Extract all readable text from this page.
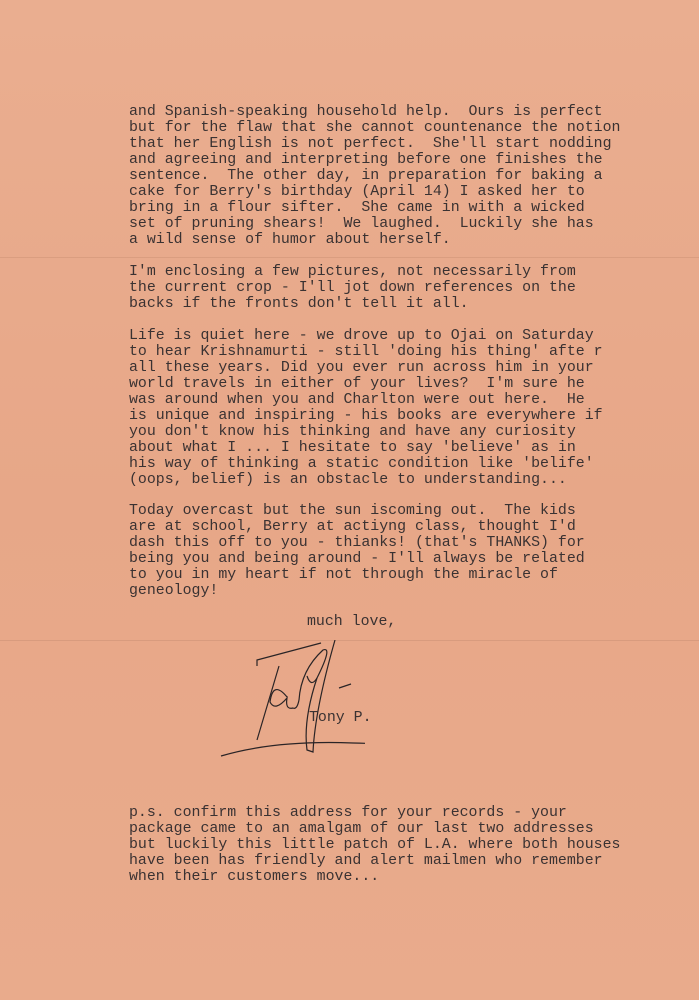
and Spanish-speaking household help.  Ours is perfect
but for the flaw that she cannot countenance the notion
that her English is not perfect.  She'll start nodding
and agreeing and interpreting before one finishes the
sentence.  The other day, in preparation for baking a
cake for Berry's birthday (April 14) I asked her to
bring in a flour sifter.  She came in with a wicked
set of pruning shears!  We laughed.  Luckily she has
a wild sense of humor about herself.
I'm enclosing a few pictures, not necessarily from
the current crop - I'll jot down references on the
backs if the fronts don't tell it all.
Life is quiet here - we drove up to Ojai on Saturday
to hear Krishnamurti - still 'doing his thing' afte r
all these years. Did you ever run across him in your
world travels in either of your lives?  I'm sure he
was around when you and Charlton were out here.  He
is unique and inspiring - his books are everywhere if
you don't know his thinking and have any curiosity
about what I ... I hesitate to say 'believe' as in
his way of thinking a static condition like 'belife'
(oops, belief) is an obstacle to understanding...
Today overcast but the sun iscoming out.  The kids
are at school, Berry at actiyng class, thought I'd
dash this off to you - thianks! (that's THANKS) for
being you and being around - I'll always be related
to you in my heart if not through the miracle of
geneology!
much love,
Tony P.
p.s. confirm this address for your records - your
package came to an amalgam of our last two addresses
but luckily this little patch of L.A. where both houses
have been has friendly and alert mailmen who remember
when their customers move...
